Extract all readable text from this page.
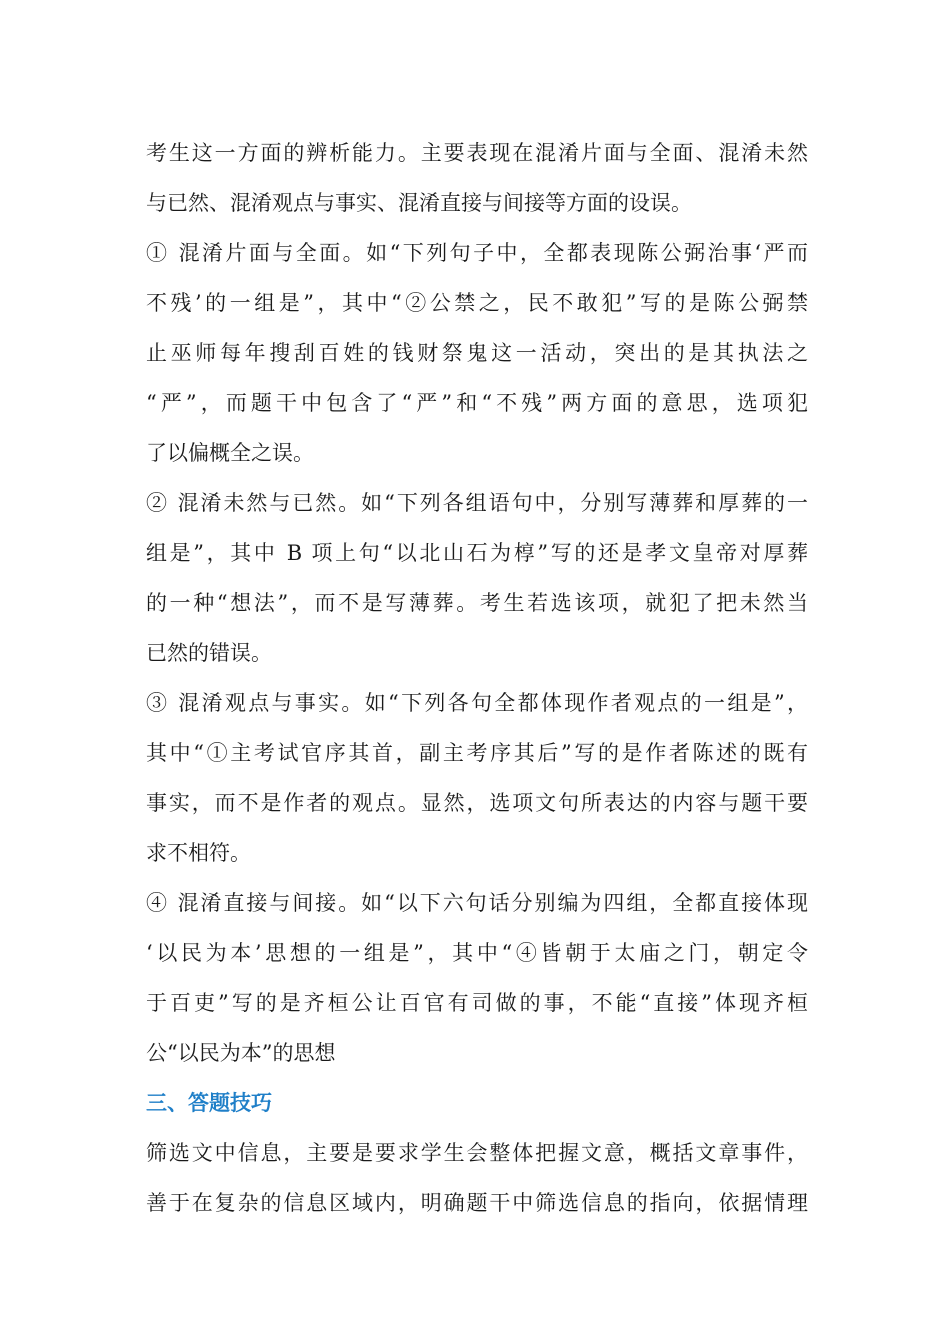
考生这一方面的辨析能力。主要表现在混淆片面与全面、混淆未然
与已然、混淆观点与事实、混淆直接与间接等方面的设误。
① 混淆片面与全面。如“下列句子中，全都表现陈公弼治事‘严而
不残’的一组是”，其中“②公禁之，民不敢犯”写的是陈公弼禁
止巫师每年搜刮百姓的钱财祭鬼这一活动，突出的是其执法之
“严”，而题干中包含了“严”和“不残”两方面的意思，选项犯
了以偏概全之误。
② 混淆未然与已然。如“下列各组语句中，分别写薄葬和厚葬的一
组是”，其中 B 项上句“以北山石为椁”写的还是孝文皇帝对厚葬
的一种“想法”，而不是写薄葬。考生若选该项，就犯了把未然当
已然的错误。
③ 混淆观点与事实。如“下列各句全都体现作者观点的一组是”，
其中“①主考试官序其首，副主考序其后”写的是作者陈述的既有
事实，而不是作者的观点。显然，选项文句所表达的内容与题干要
求不相符。
④ 混淆直接与间接。如“以下六句话分别编为四组，全都直接体现
‘以民为本’思想的一组是”，其中“④皆朝于太庙之门，朝定令
于百吏”写的是齐桓公让百官有司做的事，不能“直接”体现齐桓
公“以民为本”的思想
三、答题技巧
筛选文中信息，主要是要求学生会整体把握文意，概括文章事件，
善于在复杂的信息区域内，明确题干中筛选信息的指向，依据情理
